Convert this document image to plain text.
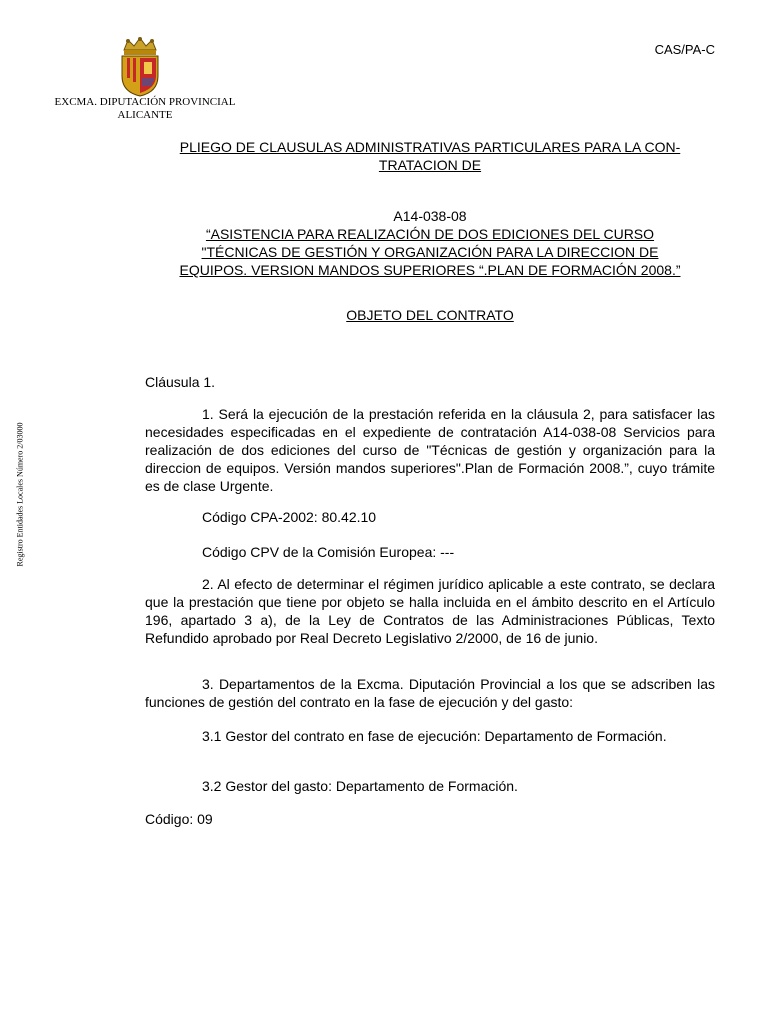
CAS/PA-C
EXCMA. DIPUTACIÓN PROVINCIAL
ALICANTE
Registro Entidades Locales Número 2/03000
PLIEGO DE CLAUSULAS ADMINISTRATIVAS PARTICULARES PARA LA CON-
TRATACION DE
A14-038-08
“ASISTENCIA PARA REALIZACIÓN DE DOS EDICIONES DEL CURSO
"TÉCNICAS DE GESTIÓN Y ORGANIZACIÓN PARA LA DIRECCION DE
EQUIPOS. VERSION MANDOS SUPERIORES “.PLAN DE FORMACIÓN 2008.”
OBJETO DEL CONTRATO

Cláusula 1.

1. Será la ejecución de la prestación referida en la cláusula 2, para satisfacer las necesidades especificadas en el expediente de contratación A14-038-08 Servicios para realización de dos ediciones del curso de "Técnicas de gestión y organización para la direccion de equipos. Versión mandos superiores".Plan de Formación 2008.”, cuyo trámite es de clase Urgente.

Código CPA-2002: 80.42.10

Código CPV de la Comisión Europea: ---

2. Al efecto de determinar el régimen jurídico aplicable a este contrato, se declara que la prestación que tiene por objeto se halla incluida en el ámbito descrito en el Artículo 196, apartado 3 a), de la Ley de Contratos de las Administraciones Públicas, Texto Refundido aprobado por Real Decreto Legislativo 2/2000, de 16 de junio.

3. Departamentos de la Excma. Diputación Provincial a los que se adscriben las funciones de gestión del contrato en la fase de ejecución y del gasto:

3.1 Gestor del contrato en fase de ejecución: Departamento de Formación.

3.2 Gestor del gasto: Departamento de Formación.

Código: 09
